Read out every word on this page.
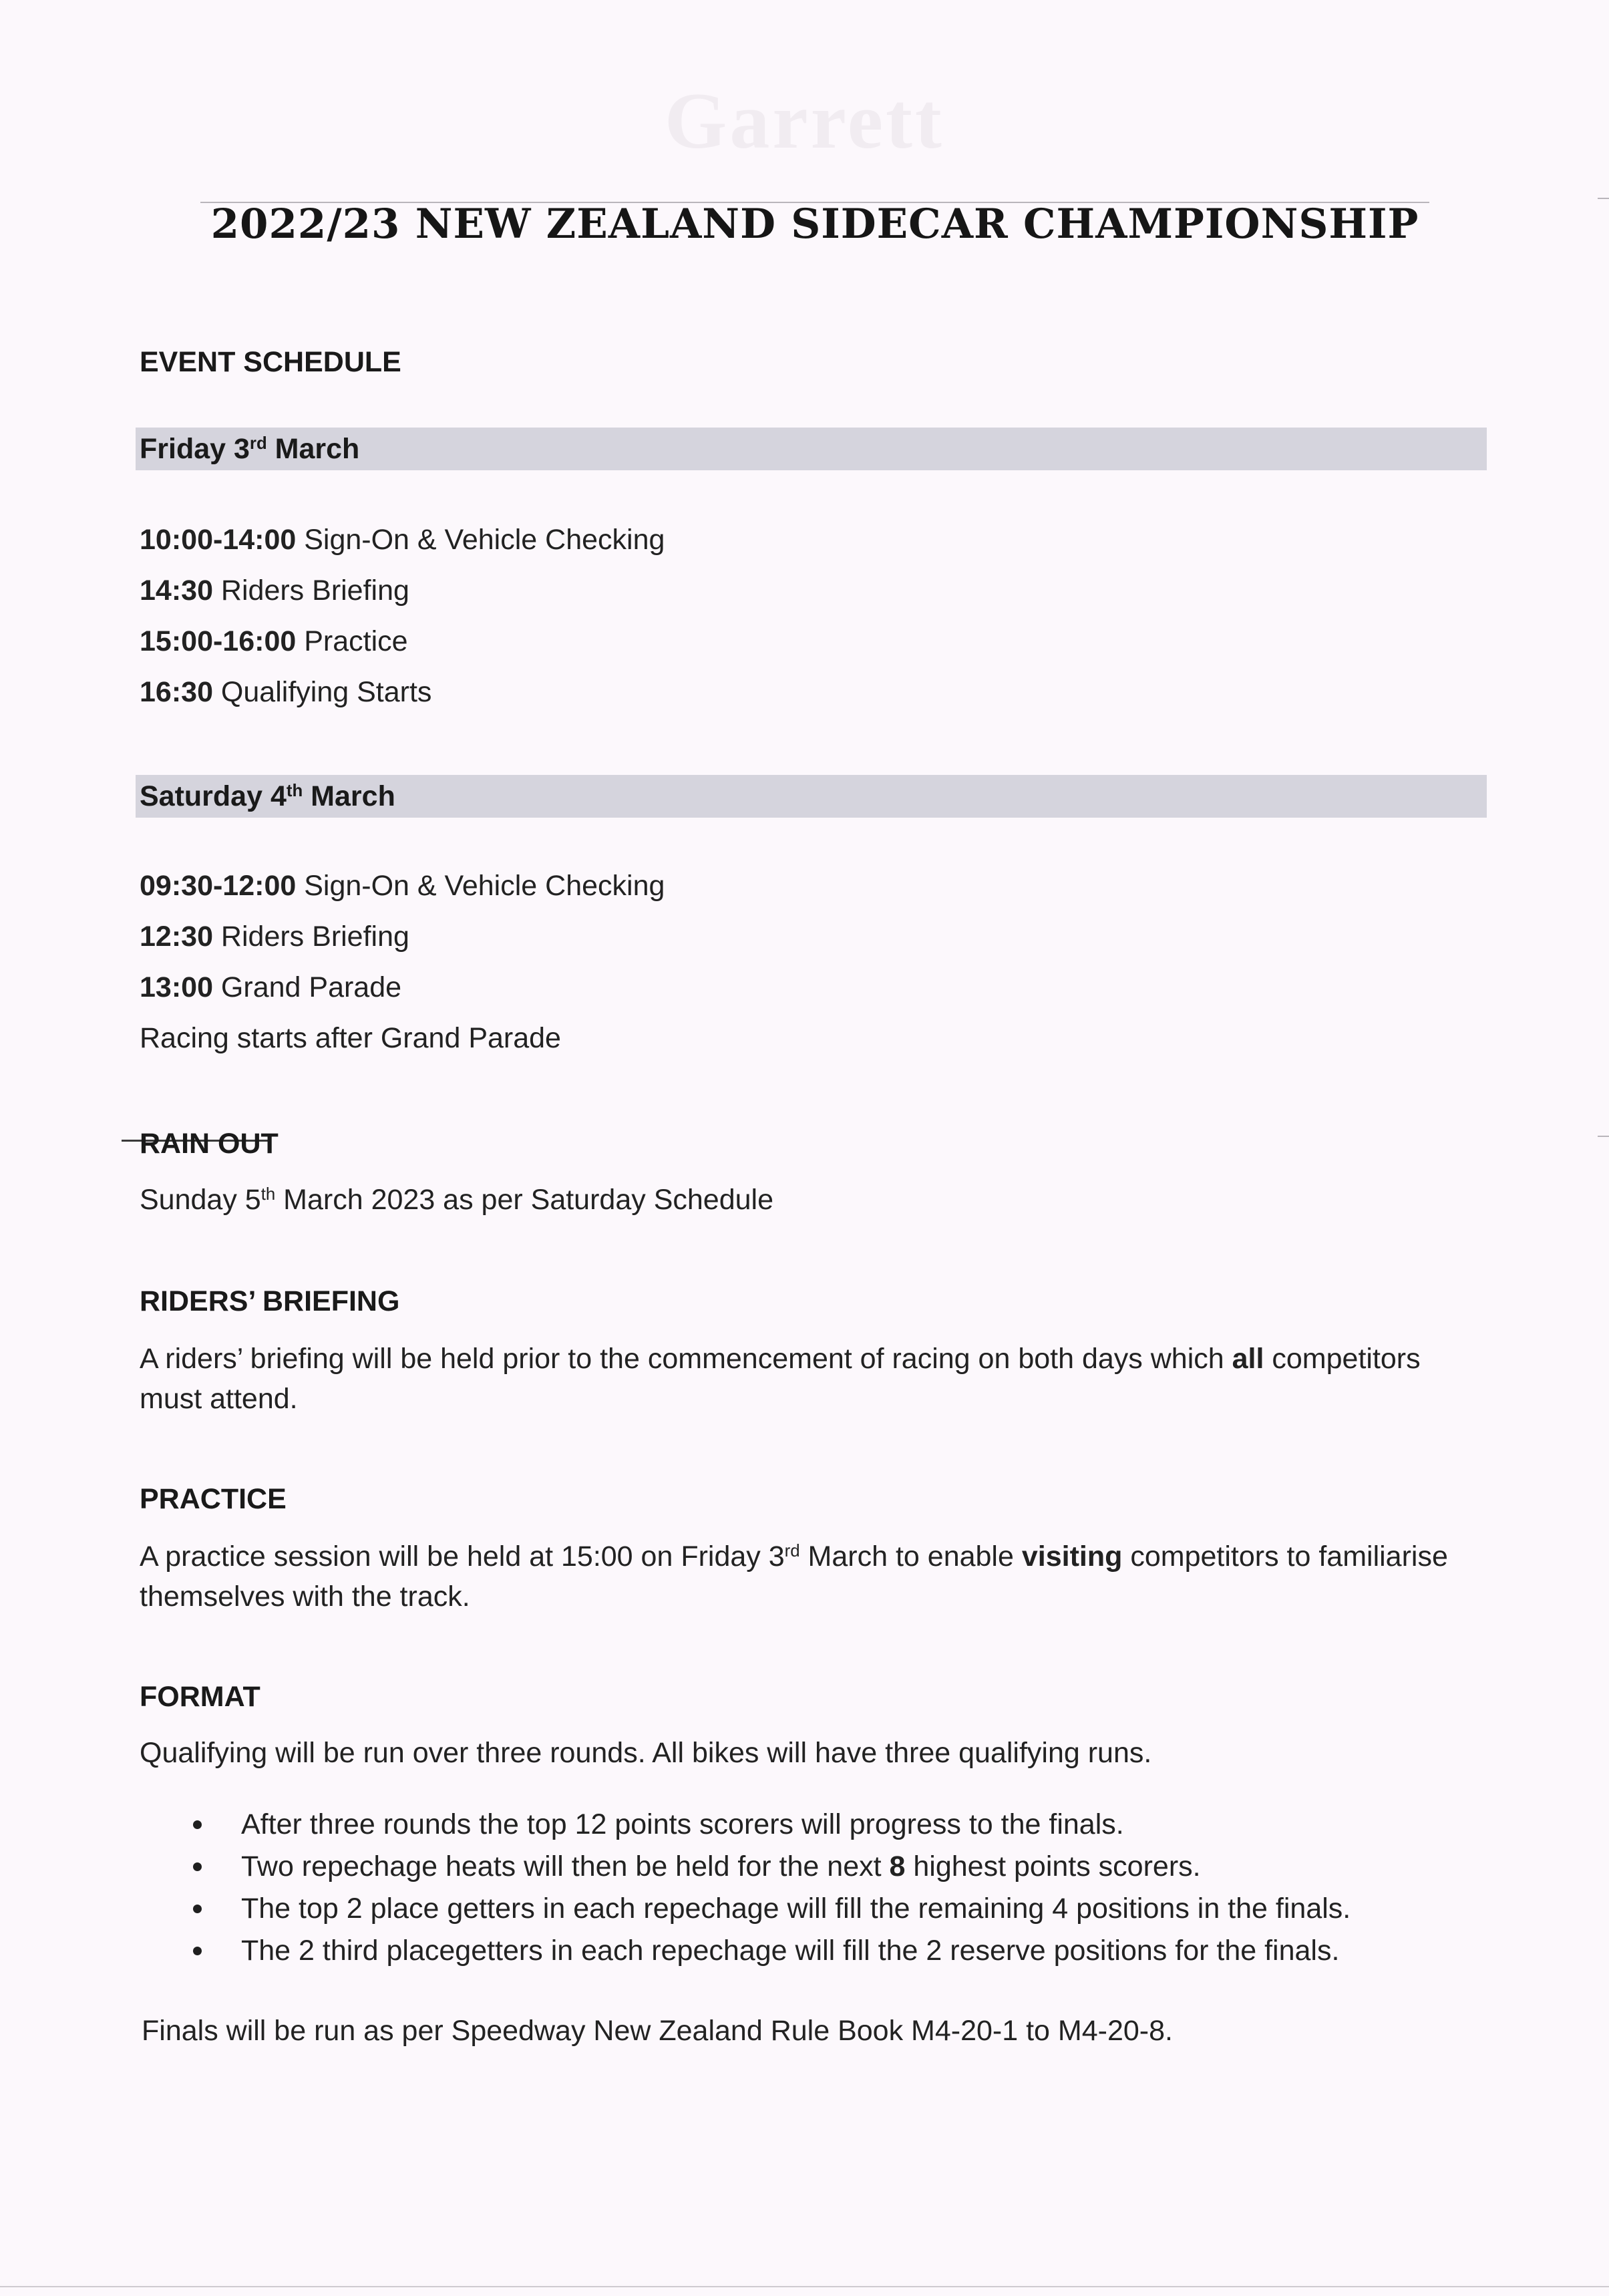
Garrett
2022/23 NEW ZEALAND SIDECAR CHAMPIONSHIP
EVENT SCHEDULE
Friday 3rd March
10:00-14:00 Sign-On & Vehicle Checking
14:30 Riders Briefing
15:00-16:00 Practice
16:30 Qualifying Starts
Saturday 4th March
09:30-12:00 Sign-On & Vehicle Checking
12:30 Riders Briefing
13:00 Grand Parade
Racing starts after Grand Parade
RAIN OUT
Sunday 5th March 2023 as per Saturday Schedule
RIDERS’ BRIEFING
A riders’ briefing will be held prior to the commencement of racing on both days which all competitors must attend.
PRACTICE
A practice session will be held at 15:00 on Friday 3rd March to enable visiting competitors to familiarise themselves with the track.
FORMAT
Qualifying will be run over three rounds. All bikes will have three qualifying runs.
After three rounds the top 12 points scorers will progress to the finals.
Two repechage heats will then be held for the next 8 highest points scorers.
The top 2 place getters in each repechage will fill the remaining 4 positions in the finals.
The 2 third placegetters in each repechage will fill the 2 reserve positions for the finals.
Finals will be run as per Speedway New Zealand Rule Book M4-20-1 to M4-20-8.
